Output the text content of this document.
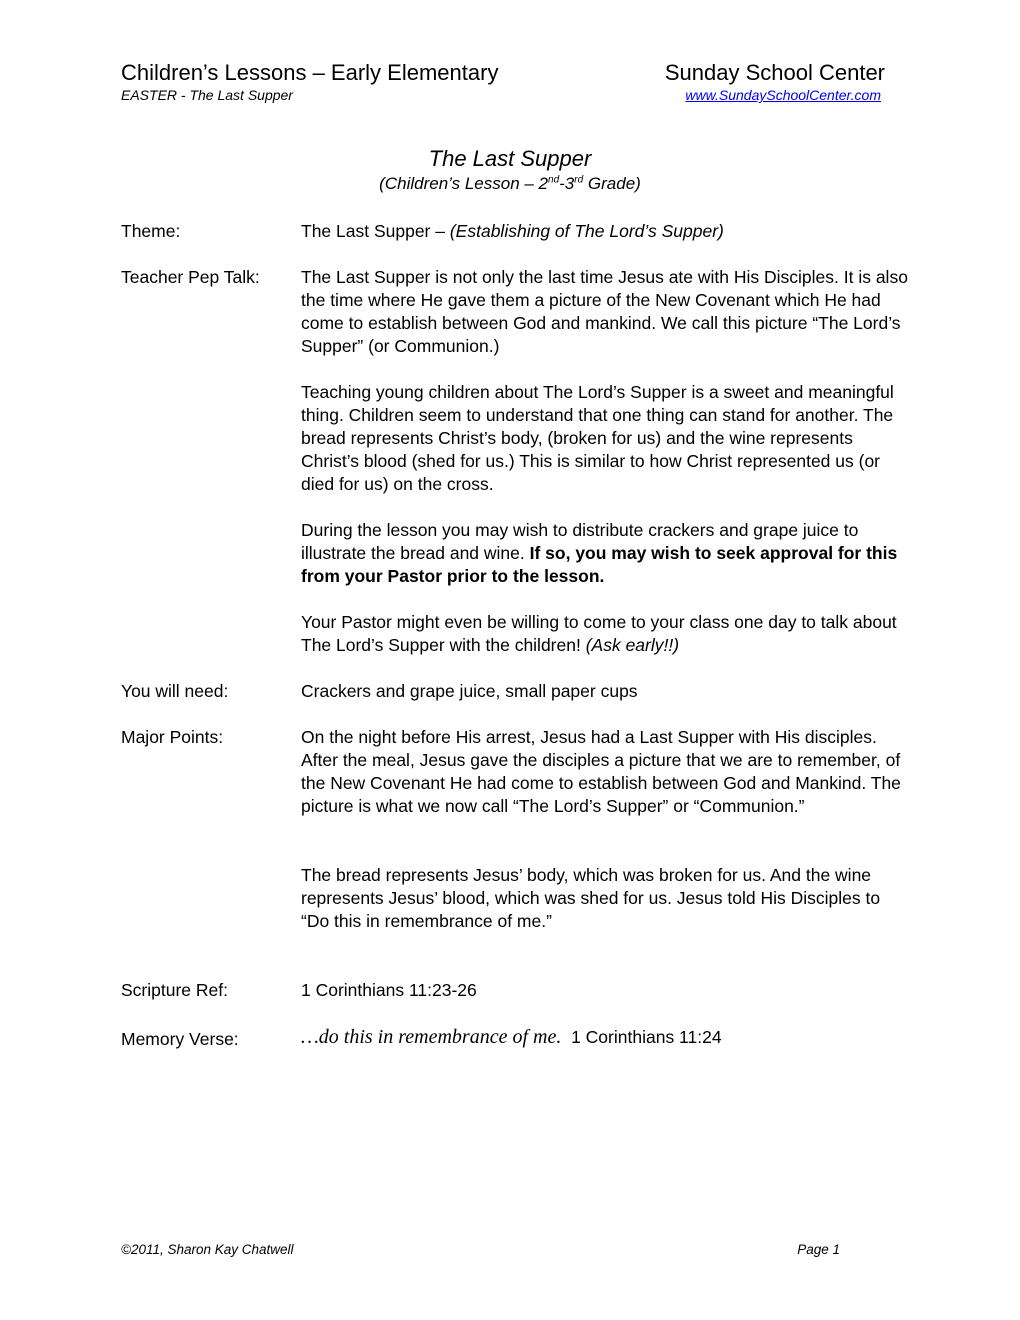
Children’s Lessons – Early Elementary	Sunday School Center
EASTER - The Last Supper	www.SundaySchoolCenter.com
The Last Supper
(Children’s Lesson – 2nd-3rd Grade)
Theme:	The Last Supper – (Establishing of The Lord’s Supper)
Teacher Pep Talk: The Last Supper is not only the last time Jesus ate with His Disciples. It is also the time where He gave them a picture of the New Covenant which He had come to establish between God and mankind. We call this picture “The Lord’s Supper” (or Communion.)

Teaching young children about The Lord’s Supper is a sweet and meaningful thing. Children seem to understand that one thing can stand for another. The bread represents Christ’s body, (broken for us) and the wine represents Christ’s blood (shed for us.) This is similar to how Christ represented us (or died for us) on the cross.

During the lesson you may wish to distribute crackers and grape juice to illustrate the bread and wine. If so, you may wish to seek approval for this from your Pastor prior to the lesson.

Your Pastor might even be willing to come to your class one day to talk about The Lord’s Supper with the children! (Ask early!!)

You will need:	Crackers and grape juice, small paper cups
Major Points:	On the night before His arrest, Jesus had a Last Supper with His disciples. After the meal, Jesus gave the disciples a picture that we are to remember, of the New Covenant He had come to establish between God and Mankind. The picture is what we now call “The Lord’s Supper” or “Communion.”

The bread represents Jesus’ body, which was broken for us. And the wine represents Jesus’ blood, which was shed for us. Jesus told His Disciples to “Do this in remembrance of me.”

Scripture Ref:	1 Corinthians 11:23-26
Memory Verse:	…do this in remembrance of me. 1 Corinthians 11:24
©2011, Sharon Kay Chatwell	Page 1
